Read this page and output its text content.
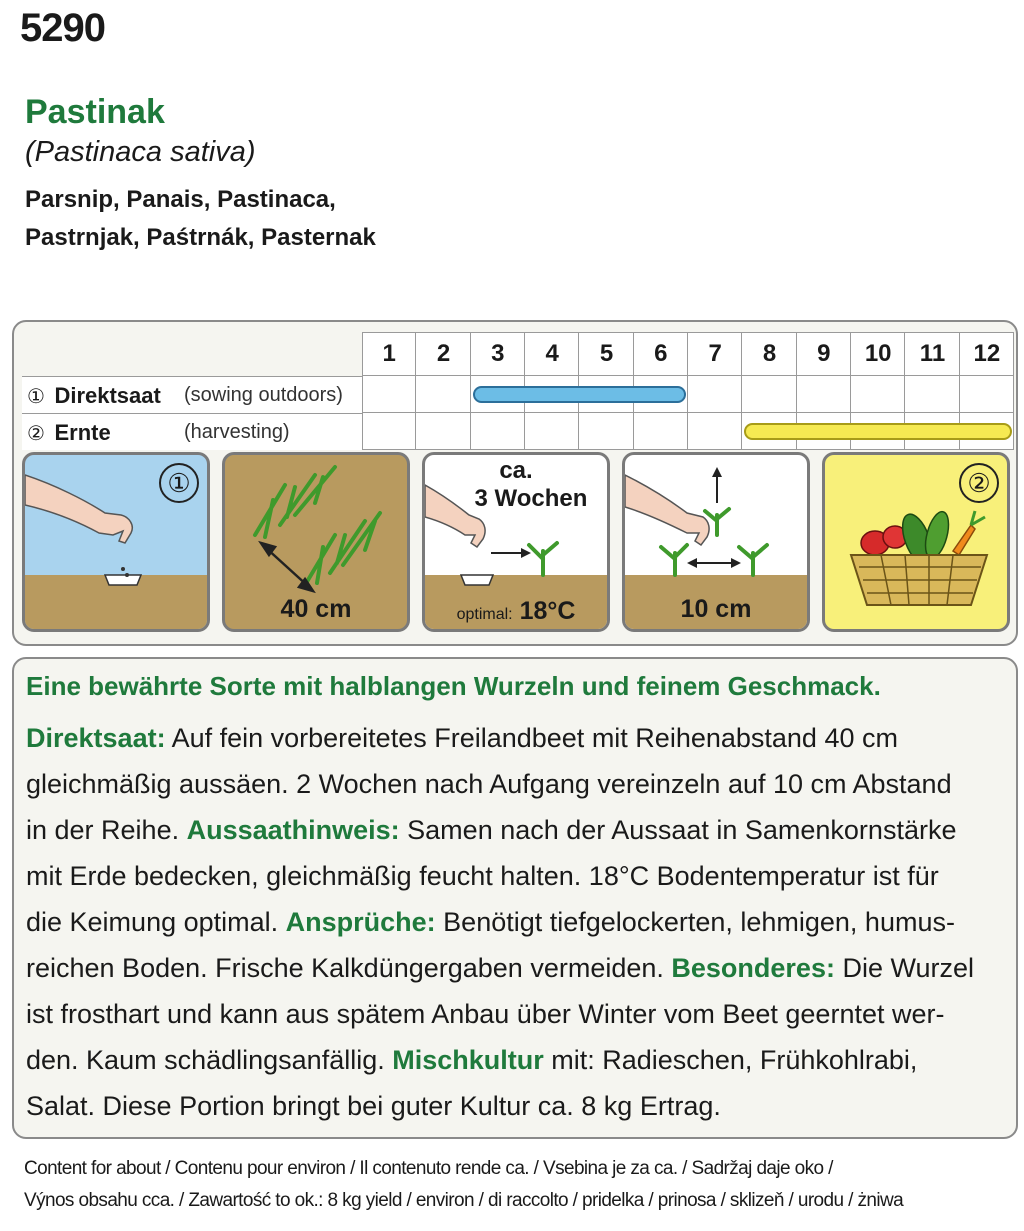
5290
Pastinak
(Pastinaca sativa)
Parsnip, Panais, Pastinaca,
Pastrnjak, Paśtrnák, Pasternak
① Direktsaat (sowing outdoors)
② Ernte	(harvesting)
1	2	3	4	5	6	7	8	9	10	11	12
①
40 cm
ca.
3 Wochen
optimal: 18°C	10 cm
②
Eine bewährte Sorte mit halblangen Wurzeln und feinem Geschmack.
Direktsaat: Auf fein vorbereitetes Freilandbeet mit Reihenabstand 40 cm
gleichmäßig aussäen. 2 Wochen nach Aufgang vereinzeln auf 10 cm Abstand
in der Reihe. Aussaathinweis: Samen nach der Aussaat in Samenkornstärke
mit Erde bedecken, gleichmäßig feucht halten. 18°C Bodentemperatur ist für
die Keimung optimal. Ansprüche: Benötigt tiefgelockerten, lehmigen, humus-
reichen Boden. Frische Kalkdüngergaben vermeiden. Besonderes: Die Wurzel
ist frosthart und kann aus spätem Anbau über Winter vom Beet geerntet wer-
den. Kaum schädlingsanfällig. Mischkultur mit: Radieschen, Frühkohlrabi,
Salat. Diese Portion bringt bei guter Kultur ca. 8 kg Ertrag.
Content for about / Contenu pour environ / Il contenuto rende ca. / Vsebina je za ca. / Sadržaj daje oko /
Výnos obsahu cca. / Zawartość to ok.: 8 kg yield / environ / di raccolto / pridelka / prinosa / sklizeň / urodu / żniwa
